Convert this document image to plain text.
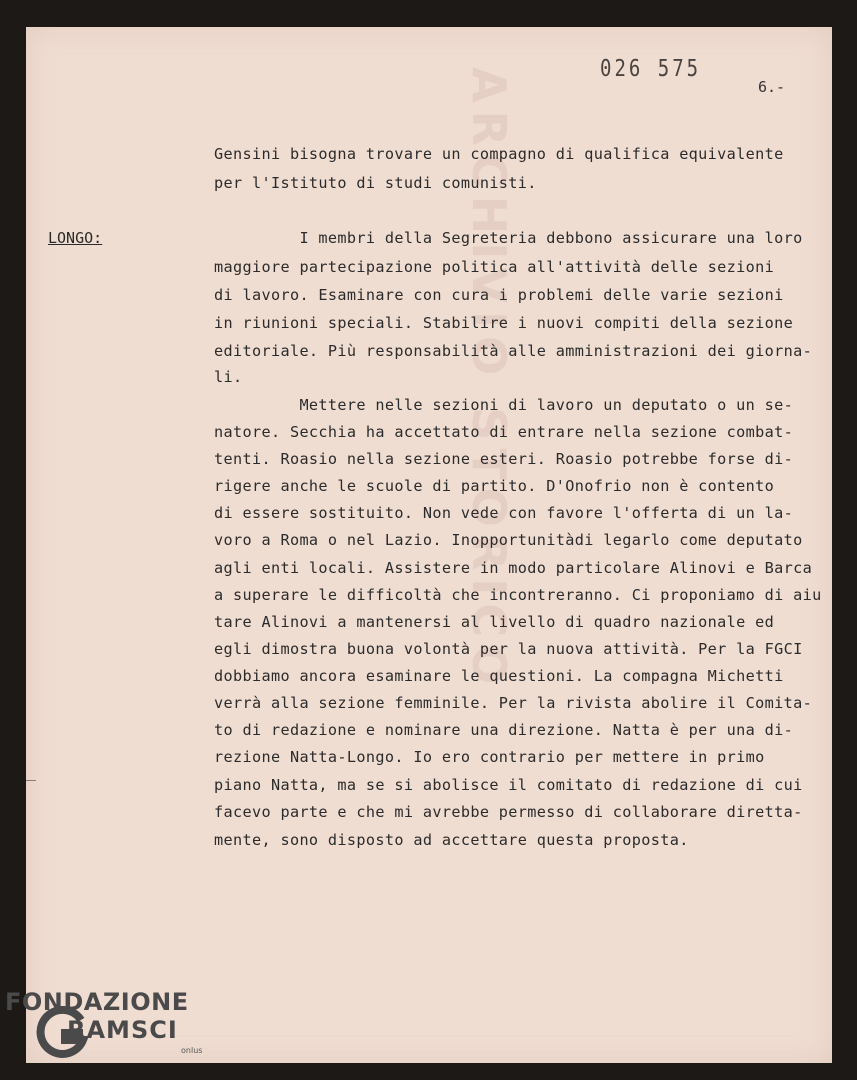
ARCHIVIO STORICO	026 575
6.-
LONGO:
Gensini bisogna trovare un compagno di qualifica equivalente
per l'Istituto di studi comunisti.
I membri della Segreteria debbono assicurare una loro
maggiore partecipazione politica all'attività delle sezioni
di lavoro. Esaminare con cura i problemi delle varie sezioni
in riunioni speciali. Stabilire i nuovi compiti della sezione
editoriale. Più responsabilità alle amministrazioni dei giorna-
li.
Mettere nelle sezioni di lavoro un deputato o un se-
natore. Secchia ha accettato di entrare nella sezione combat-
tenti. Roasio nella sezione esteri. Roasio potrebbe forse di-
rigere anche le scuole di partito. D'Onofrio non è contento
di essere sostituito. Non vede con favore l'offerta di un la-
voro a Roma o nel Lazio. Inopportunitàdi legarlo come deputato
agli enti locali. Assistere in modo particolare Alinovi e Barca
a superare le difficoltà che incontreranno. Ci proponiamo di aiu
tare Alinovi a mantenersi al livello di quadro nazionale ed
egli dimostra buona volontà per la nuova attività. Per la FGCI
dobbiamo ancora esaminare le questioni. La compagna Michetti
verrà alla sezione femminile. Per la rivista abolire il Comita-
to di redazione e nominare una direzione. Natta è per una di-
rezione Natta-Longo. Io ero contrario per mettere in primo
piano Natta, ma se si abolisce il comitato di redazione di cui
facevo parte e che mi avrebbe permesso di collaborare diretta-
mente, sono disposto ad accettare questa proposta.
FONDAZIONE
RAMSCI
onlus
